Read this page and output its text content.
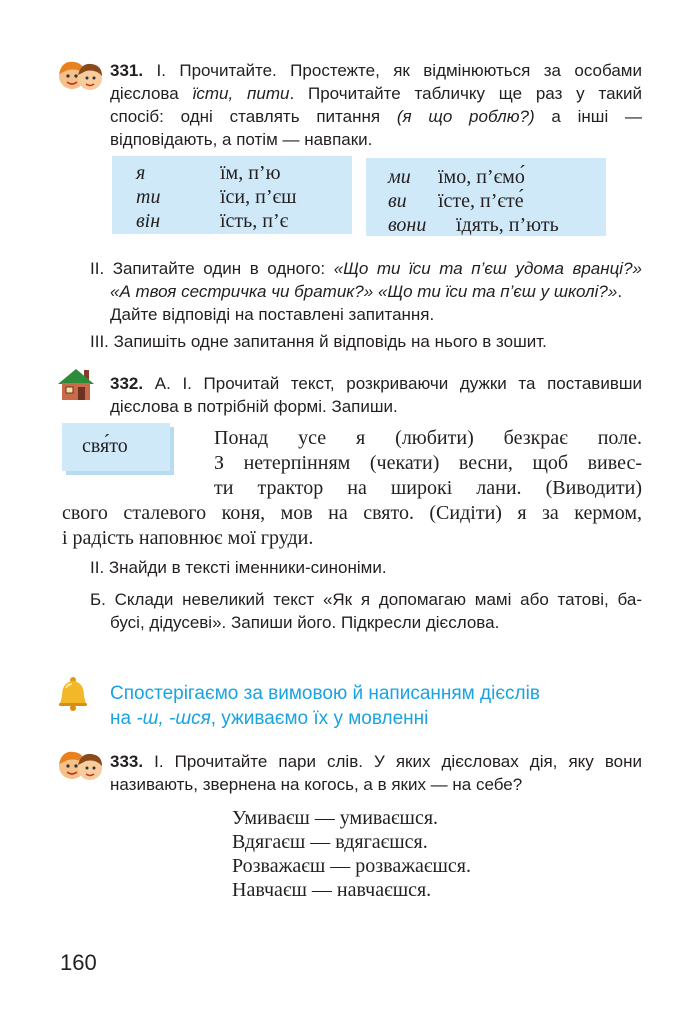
331. І. Прочитайте. Простежте, як відмінюються за особами
дієслова їсти, пити. Прочитайте табличку ще раз у такий
спосіб: одні ставлять питання (я що роблю?) а інші —
відповідають, а потім — навпаки.
я	їм, п’ю
ти	їси, п’єш
він	їсть, п’є
ми їмо, п’ємо́
ви їсте, п’єте́
вони їдять, п’ють
ІІ. Запитайте один в одного: «Що ти їси та п’єш удома вранці?»
«А твоя сестричка чи братик?» «Що ти їси та п’єш у школі?».
Дайте відповіді на поставлені запитання.
ІІІ. Запишіть одне запитання й відповідь на нього в зошит.
332. А. І. Прочитай текст, розкриваючи дужки та поставивши
дієслова в потрібній формі. Запиши.
свя́то	Понад усе я (любити) безкрає поле.
З нетерпінням (чекати) весни, щоб вивес-
ти трактор на широкі лани. (Виводити)
свого сталевого коня, мов на свято. (Сидіти) я за кермом,
і радість наповнює мої груди.
ІІ. Знайди в тексті іменники-синоніми.
Б. Склади невеликий текст «Як я допомагаю мамі або татові, ба-
бусі, дідусеві». Запиши його. Підкресли дієслова.
Спостерігаємо за вимовою й написанням дієслів
на -ш, -шся, уживаємо їх у мовленні
333. І. Прочитайте пари слів. У яких дієсловах дія, яку вони
називають, звернена на когось, а в яких — на себе?
Умиваєш — умиваєшся.
Вдягаєш — вдягаєшся.
Розважаєш — розважаєшся.
Навчаєш — навчаєшся.
160
